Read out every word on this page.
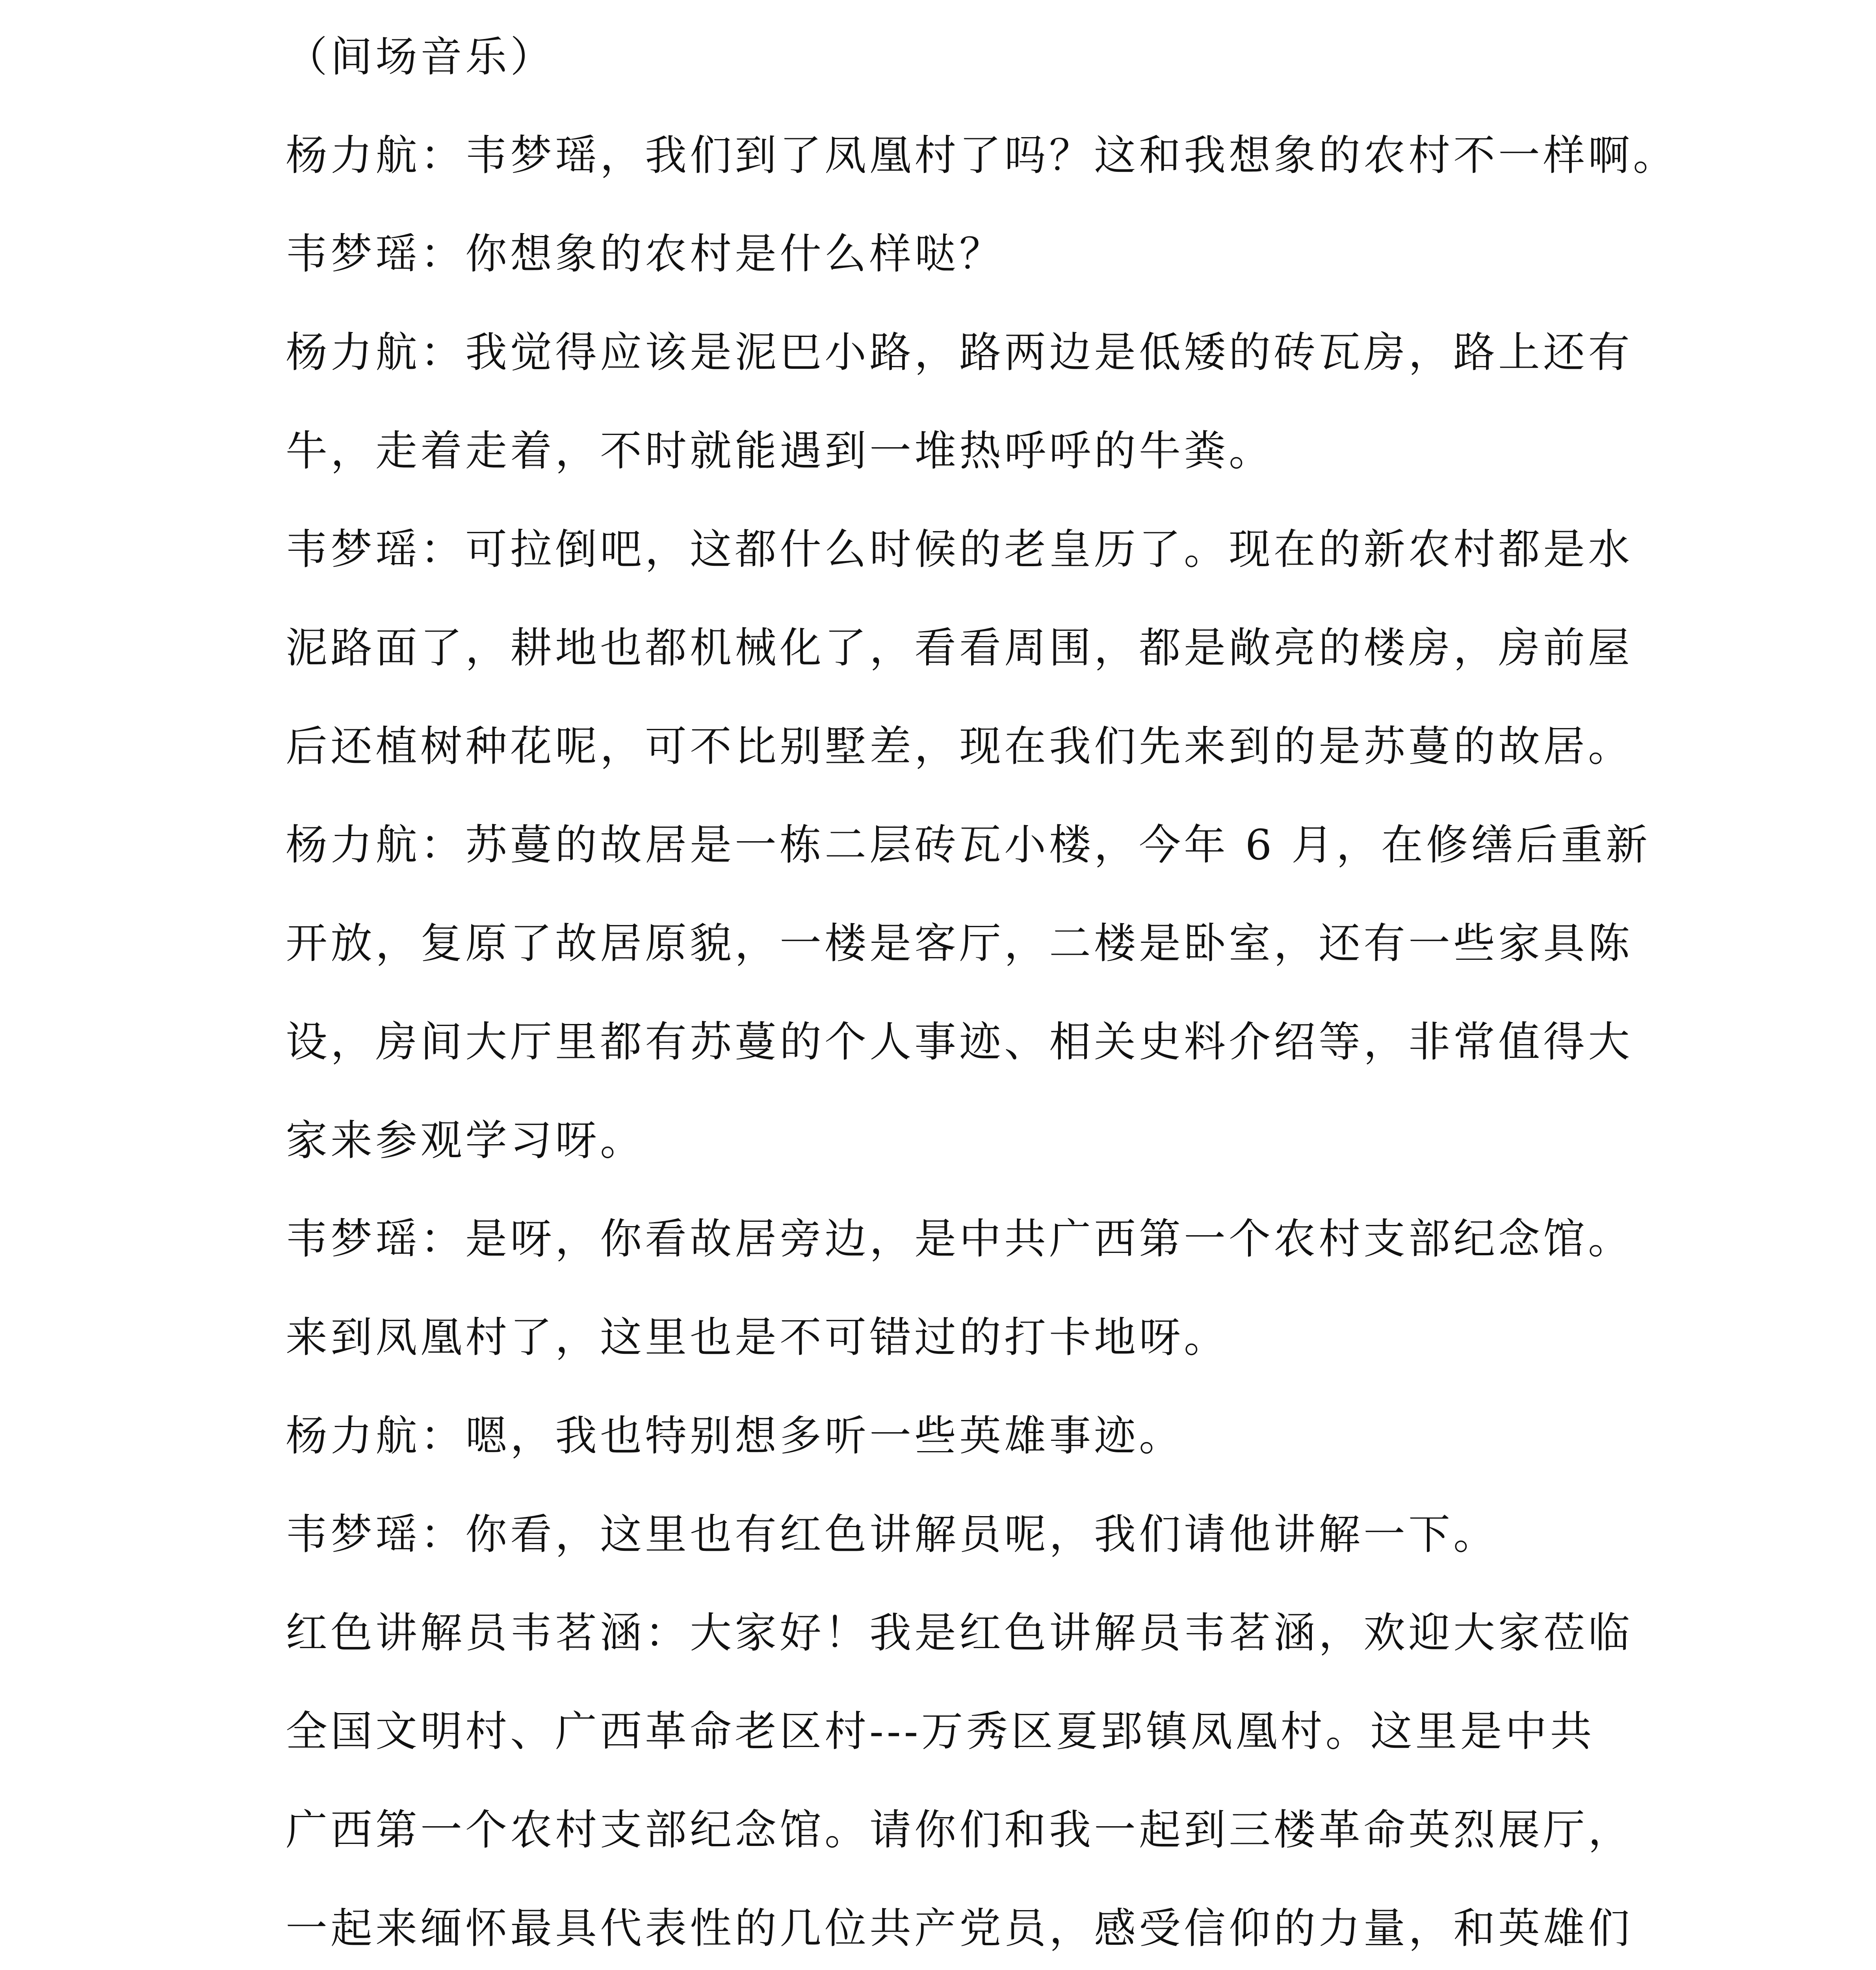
（间场音乐）
杨力航：韦梦瑶，我们到了凤凰村了吗？这和我想象的农村不一样啊。
韦梦瑶：你想象的农村是什么样哒？
杨力航：我觉得应该是泥巴小路，路两边是低矮的砖瓦房，路上还有
牛，走着走着，不时就能遇到一堆热呼呼的牛粪。
韦梦瑶：可拉倒吧，这都什么时候的老皇历了。现在的新农村都是水
泥路面了，耕地也都机械化了，看看周围，都是敞亮的楼房，房前屋
后还植树种花呢，可不比别墅差，现在我们先来到的是苏蔓的故居。
杨力航：苏蔓的故居是一栋二层砖瓦小楼，今年 6 月，在修缮后重新
开放，复原了故居原貌，一楼是客厅，二楼是卧室，还有一些家具陈
设，房间大厅里都有苏蔓的个人事迹、相关史料介绍等，非常值得大
家来参观学习呀。
韦梦瑶：是呀，你看故居旁边，是中共广西第一个农村支部纪念馆。
来到凤凰村了，这里也是不可错过的打卡地呀。
杨力航：嗯，我也特别想多听一些英雄事迹。
韦梦瑶：你看，这里也有红色讲解员呢，我们请他讲解一下。
红色讲解员韦茗涵：大家好！我是红色讲解员韦茗涵，欢迎大家莅临
全国文明村、广西革命老区村---万秀区夏郢镇凤凰村。这里是中共
广西第一个农村支部纪念馆。请你们和我一起到三楼革命英烈展厅，
一起来缅怀最具代表性的几位共产党员，感受信仰的力量，和英雄们
